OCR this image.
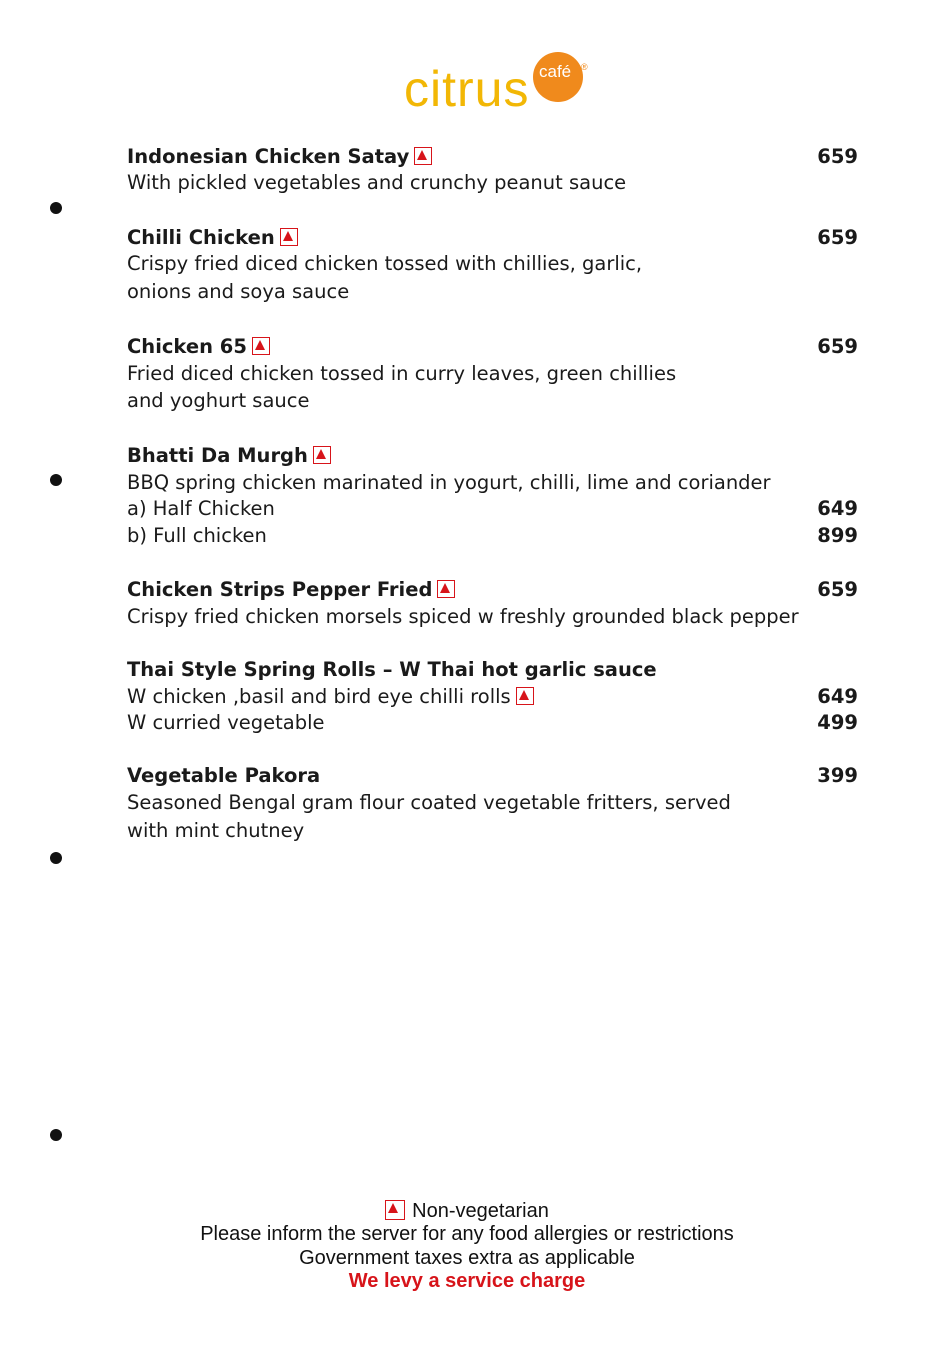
citrus café ®
Indonesian Chicken Satay	659
With pickled vegetables and crunchy peanut sauce
Chilli Chicken	659
Crispy fried diced chicken tossed with chillies, garlic,
onions and soya sauce
Chicken 65	659
Fried diced chicken tossed in curry leaves, green chillies
and yoghurt sauce
Bhatti Da Murgh
BBQ spring chicken marinated in yogurt, chilli, lime and coriander
a) Half Chicken	649
b) Full chicken	899
Chicken Strips Pepper Fried	659
Crispy fried chicken morsels spiced w freshly grounded black pepper
Thai Style Spring Rolls – W Thai hot garlic sauce
W chicken ,basil and bird eye chilli rolls	649
W curried vegetable	499
Vegetable Pakora	399
Seasoned Bengal gram flour coated vegetable fritters, served
with mint chutney
Non-vegetarian
Please inform the server for any food allergies or restrictions
Government taxes extra as applicable
We levy a service charge
